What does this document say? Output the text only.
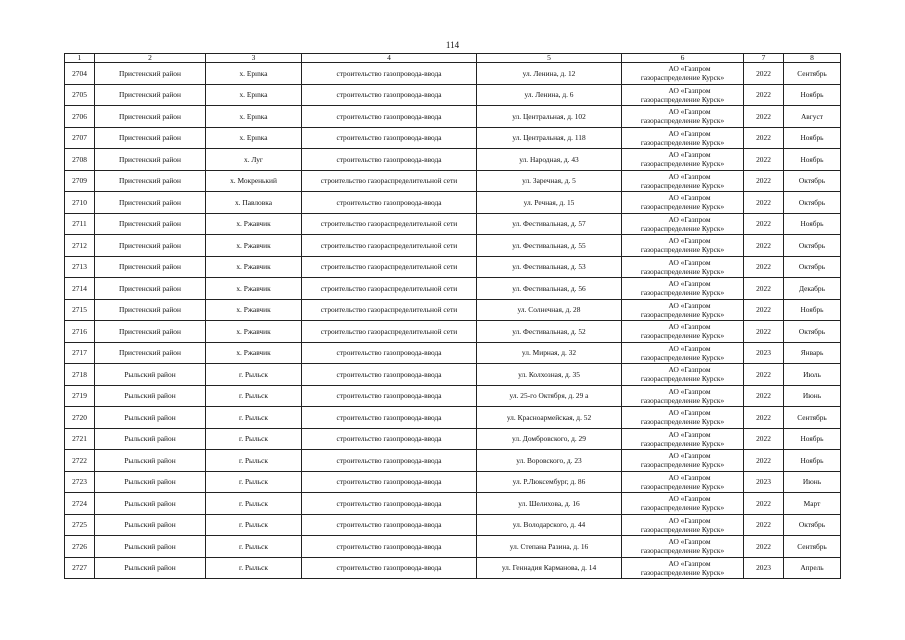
114
1	2	3	4	5	6	7	8
2704	Пристенский район	х. Ерınка	строительство газопровода-ввода	ул. Ленина, д. 12	АО «Газпром
газораспределение Курск»	2022	Сентябрь
2705	Пристенский район	х. Ерınка	строительство газопровода-ввода	ул. Ленина, д. 6	АО «Газпром
газораспределение Курск»	2022	Ноябрь
2706	Пристенский район	х. Ерınка	строительство газопровода-ввода	ул. Центральная, д. 102	АО «Газпром
газораспределение Курск»	2022	Август
2707	Пристенский район	х. Ерınка	строительство газопровода-ввода	ул. Центральная, д. 118	АО «Газпром
газораспределение Курск»	2022	Ноябрь
2708	Пристенский район	х. Луг	строительство газопровода-ввода	ул. Народная, д. 43	АО «Газпром
газораспределение Курск»	2022	Ноябрь
2709	Пристенский район	х. Мокренький	строительство газораспределительной сети	ул. Заречная, д. 5	АО «Газпром
газораспределение Курск»	2022	Октябрь
2710	Пристенский район	х. Павловка	строительство газопровода-ввода	ул. Речная, д. 15	АО «Газпром
газораспределение Курск»	2022	Октябрь
2711	Пристенский район	х. Ржавчик	строительство газораспределительной сети	ул. Фестивальная, д. 57	АО «Газпром
газораспределение Курск»	2022	Ноябрь
2712	Пристенский район	х. Ржавчик	строительство газораспределительной сети	ул. Фестивальная, д. 55	АО «Газпром
газораспределение Курск»	2022	Октябрь
2713	Пристенский район	х. Ржавчик	строительство газораспределительной сети	ул. Фестивальная, д. 53	АО «Газпром
газораспределение Курск»	2022	Октябрь
2714	Пристенский район	х. Ржавчик	строительство газораспределительной сети	ул. Фестивальная, д. 56	АО «Газпром
газораспределение Курск»	2022	Декабрь
2715	Пристенский район	х. Ржавчик	строительство газораспределительной сети	ул. Солнечная, д. 28	АО «Газпром
газораспределение Курск»	2022	Ноябрь
2716	Пристенский район	х. Ржавчик	строительство газораспределительной сети	ул. Фестивальная, д. 52	АО «Газпром
газораспределение Курск»	2022	Октябрь
2717	Пристенский район	х. Ржавчик	строительство газопровода-ввода	ул. Мирная, д. 32	АО «Газпром
газораспределение Курск»	2023	Январь
2718	Рыльский район	г. Рыльск	строительство газопровода-ввода	ул. Колхозная, д. 35	АО «Газпром
газораспределение Курск»	2022	Июль
2719	Рыльский район	г. Рыльск	строительство газопровода-ввода	ул. 25-го Октября, д. 29 а	АО «Газпром
газораспределение Курск»	2022	Июнь
2720	Рыльский район	г. Рыльск	строительство газопровода-ввода	ул. Красноармейская, д. 52	АО «Газпром
газораспределение Курск»	2022	Сентябрь
2721	Рыльский район	г. Рыльск	строительство газопровода-ввода	ул. Домбровского, д. 29	АО «Газпром
газораспределение Курск»	2022	Ноябрь
2722	Рыльский район	г. Рыльск	строительство газопровода-ввода	ул. Воровского, д. 23	АО «Газпром
газораспределение Курск»	2022	Ноябрь
2723	Рыльский район	г. Рыльск	строительство газопровода-ввода	ул. Р.Люксембург, д. 86	АО «Газпром
газораспределение Курск»	2023	Июнь
2724	Рыльский район	г. Рыльск	строительство газопровода-ввода	ул. Шелихова, д. 16	АО «Газпром
газораспределение Курск»	2022	Март
2725	Рыльский район	г. Рыльск	строительство газопровода-ввода	ул. Володарского, д. 44	АО «Газпром
газораспределение Курск»	2022	Октябрь
2726	Рыльский район	г. Рыльск	строительство газопровода-ввода	ул. Степана Разина, д. 16	АО «Газпром
газораспределение Курск»	2022	Сентябрь
2727	Рыльский район	г. Рыльск	строительство газопровода-ввода	ул. Геннадия Карманова, д. 14	АО «Газпром
газораспределение Курск»	2023	Апрель
